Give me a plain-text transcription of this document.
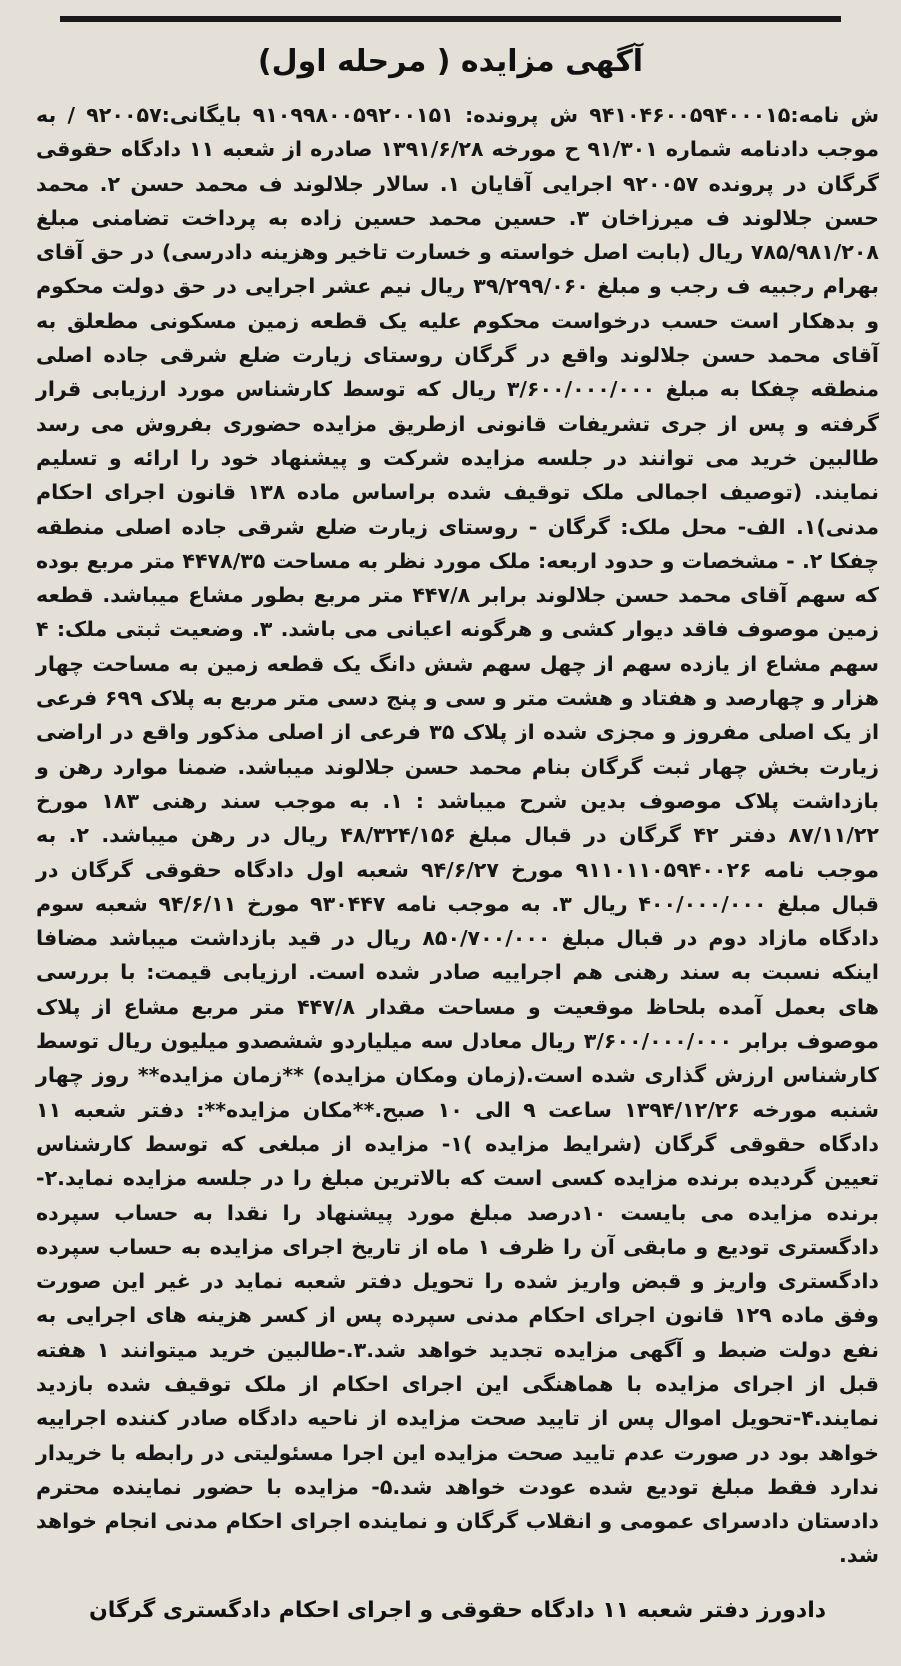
آگهی مزایده ( مرحله اول)

ش نامه:۹۴۱۰۴۶۰۰۵۹۴۰۰۰۱۵ ش پرونده: ۹۱۰۹۹۸۰۰۵۹۲۰۰۱۵۱ بایگانی:۹۲۰۰۵۷ / به موجب دادنامه شماره ۹۱/۳۰۱ ح مورخه ۱۳۹۱/۶/۲۸ صادره از شعبه ۱۱ دادگاه حقوقی گرگان در پرونده ۹۲۰۰۵۷ اجرایی آقایان ۱. سالار جلالوند ف محمد حسن ۲. محمد حسن جلالوند ف میرزاخان ۳. حسین محمد حسین زاده به پرداخت تضامنی مبلغ ۷۸۵/۹۸۱/۲۰۸ ریال (بابت اصل خواسته و خسارت تاخیر وهزینه دادرسی) در حق آقای بهرام رجبیه ف رجب و مبلغ ۳۹/۲۹۹/۰۶۰ ریال نیم عشر اجرایی در حق دولت محکوم و بدهکار است حسب درخواست محکوم علیه یک قطعه زمین مسکونی مطعلق به آقای محمد حسن جلالوند واقع در گرگان روستای زیارت ضلع شرقی جاده اصلی منطقه چفکا به مبلغ ۳/۶۰۰/۰۰۰/۰۰۰ ریال که توسط کارشناس مورد ارزیابی قرار گرفته و پس از جری تشریفات قانونی ازطریق مزایده حضوری بفروش می رسد طالبین خرید می توانند در جلسه مزایده شرکت و پیشنهاد خود را ارائه و تسلیم نمایند. (توصیف اجمالی ملک توقیف شده براساس ماده ۱۳۸ قانون اجرای احکام مدنی)۱. الف- محل ملک: گرگان - روستای زیارت ضلع شرقی جاده اصلی منطقه چفکا ۲. - مشخصات و حدود اربعه: ملک مورد نظر به مساحت ۴۴۷۸/۳۵ متر مربع بوده که سهم آقای محمد حسن جلالوند برابر ۴۴۷/۸ متر مربع بطور مشاع میباشد. قطعه زمین موصوف فاقد دیوار کشی و هرگونه اعیانی می باشد. ۳. وضعیت ثبتی ملک: ۴ سهم مشاع از یازده سهم از چهل سهم شش دانگ یک قطعه زمین به مساحت چهار هزار و چهارصد و هفتاد و هشت متر و سی و پنج دسی متر مربع به پلاک ۶۹۹ فرعی از یک اصلی مفروز و مجزی شده از پلاک ۳۵ فرعی از اصلی مذکور واقع در اراضی زیارت بخش چهار ثبت گرگان بنام محمد حسن جلالوند میباشد. ضمنا موارد رهن و بازداشت پلاک موصوف بدین شرح میباشد : ۱. به موجب سند رهنی ۱۸۳ مورخ ۸۷/۱۱/۲۲ دفتر ۴۲ گرگان در قبال مبلغ ۴۸/۳۲۴/۱۵۶ ریال در رهن میباشد. ۲. به موجب نامه ۹۱۱۰۱۱۰۵۹۴۰۰۲۶ مورخ ۹۴/۶/۲۷ شعبه اول دادگاه حقوقی گرگان در قبال مبلغ ۴۰۰/۰۰۰/۰۰۰ ریال ۳. به موجب نامه ۹۳۰۴۴۷ مورخ ۹۴/۶/۱۱ شعبه سوم دادگاه مازاد دوم در قبال مبلغ ۸۵۰/۷۰۰/۰۰۰ ریال در قید بازداشت میباشد مضافا اینکه نسبت به سند رهنی هم اجراییه صادر شده است. ارزیابی قیمت: با بررسی های بعمل آمده بلحاظ موقعیت و مساحت مقدار ۴۴۷/۸ متر مربع مشاع از پلاک موصوف برابر ۳/۶۰۰/۰۰۰/۰۰۰ ریال معادل سه میلیاردو ششصدو میلیون ریال توسط کارشناس ارزش گذاری شده است.(زمان ومکان مزایده) **زمان مزایده** روز چهار شنبه مورخه ۱۳۹۴/۱۲/۲۶ ساعت ۹ الی ۱۰ صبح.**مکان مزایده**: دفتر شعبه ۱۱ دادگاه حقوقی گرگان (شرایط مزایده )۱- مزایده از مبلغی که توسط کارشناس تعیین گردیده برنده مزایده کسی است که بالاترین مبلغ را در جلسه مزایده نماید.۲-برنده مزایده می بایست ۱۰درصد مبلغ مورد پیشنهاد را نقدا به حساب سپرده دادگستری تودیع و مابقی آن را ظرف ۱ ماه از تاریخ اجرای مزایده به حساب سپرده دادگستری واریز و قبض واریز شده را تحویل دفتر شعبه نماید در غیر این صورت وفق ماده ۱۲۹ قانون اجرای احکام مدنی سپرده پس از کسر هزینه های اجرایی به نفع دولت ضبط و آگهی مزایده تجدید خواهد شد.۳.-طالبین خرید میتوانند ۱ هفته قبل از اجرای مزایده با هماهنگی این اجرای احکام از ملک توقیف شده بازدید نمایند.۴-تحویل اموال پس از تایید صحت مزایده از ناحیه دادگاه صادر کننده اجراییه خواهد بود در صورت عدم تایید صحت مزایده این اجرا مسئولیتی در رابطه با خریدار ندارد فقط مبلغ تودیع شده عودت خواهد شد.۵- مزایده با حضور نماینده محترم دادستان دادسرای عمومی و انقلاب گرگان و نماینده اجرای احکام مدنی انجام خواهد شد.

دادورز دفتر شعبه ۱۱ دادگاه حقوقی و اجرای احکام دادگستری گرگان
